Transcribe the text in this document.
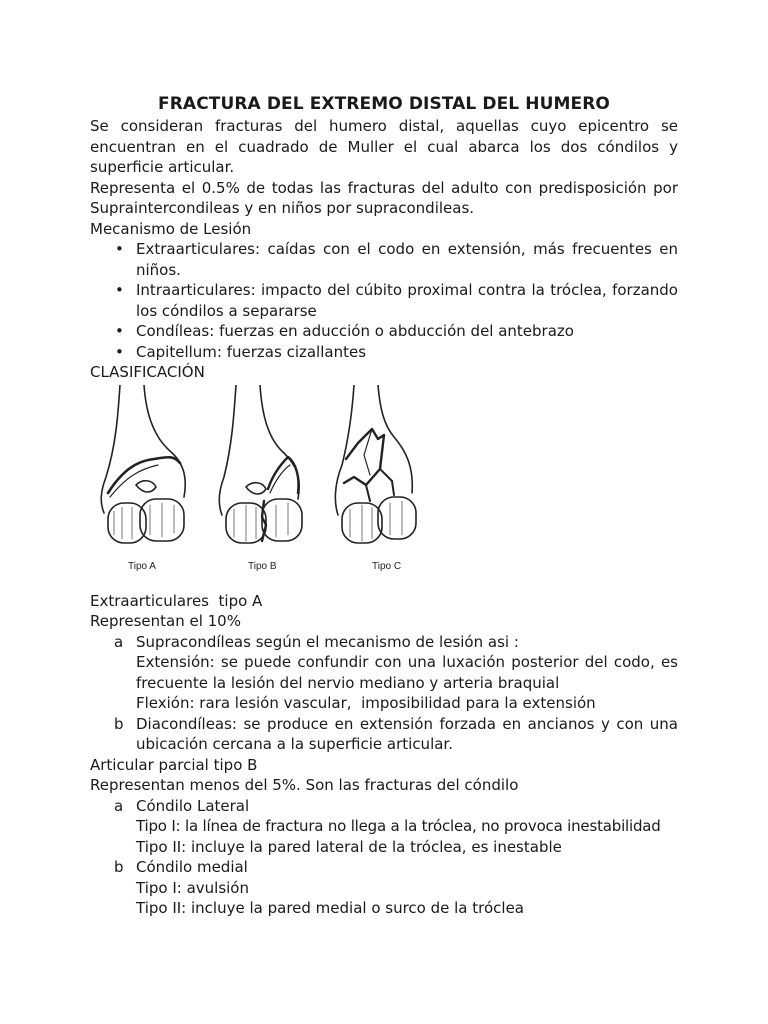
FRACTURA DEL EXTREMO DISTAL DEL HUMERO

Se consideran fracturas del humero distal, aquellas cuyo epicentro se encuentran en el cuadrado de Muller el cual abarca los dos cóndilos y superficie articular.

Representa el 0.5% de todas las fracturas del adulto con predisposición por Supraintercondileas y en niños por supracondileas.

Mecanismo de Lesión

• Extraarticulares: caídas con el codo en extensión, más frecuentes en niños.
• Intraarticulares: impacto del cúbito proximal contra la tróclea, forzando los cóndilos a separarse
• Condíleas: fuerzas en aducción o abducción del antebrazo
• Capitellum: fuerzas cizallantes

CLASIFICACIÓN

Tipo A	Tipo B	Tipo C

Extraarticulares  tipo A

Representan el 10%

a Supracondíleas según el mecanismo de lesión asi :

Extensión: se puede confundir con una luxación posterior del codo, es frecuente la lesión del nervio mediano y arteria braquial

Flexión: rara lesión vascular,  imposibilidad para la extensión

b Diacondíleas: se produce en extensión forzada en ancianos y con una ubicación cercana a la superficie articular.

Articular parcial tipo B

Representan menos del 5%. Son las fracturas del cóndilo

a Cóndilo Lateral

Tipo I: la línea de fractura no llega a la tróclea, no provoca inestabilidad

Tipo II: incluye la pared lateral de la tróclea, es inestable

b Cóndilo medial

Tipo I: avulsión

Tipo II: incluye la pared medial o surco de la tróclea
